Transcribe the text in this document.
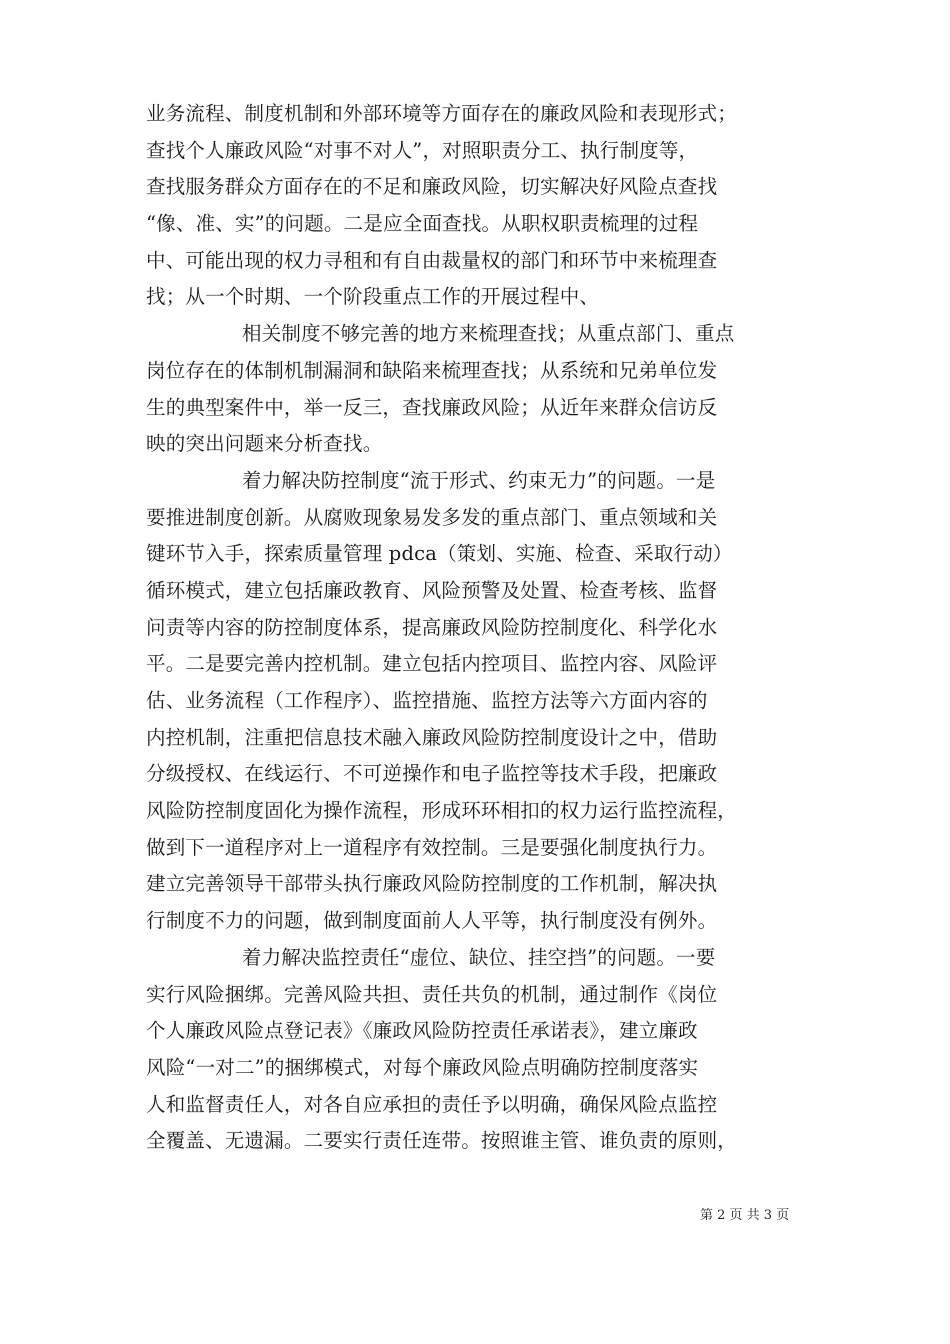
业务流程、制度机制和外部环境等方面存在的廉政风险和表现形式；
查找个人廉政风险“对事不对人”，对照职责分工、执行制度等，
查找服务群众方面存在的不足和廉政风险，切实解决好风险点查找
“像、准、实”的问题。二是应全面查找。从职权职责梳理的过程
中、可能出现的权力寻租和有自由裁量权的部门和环节中来梳理查
找；从一个时期、一个阶段重点工作的开展过程中、
相关制度不够完善的地方来梳理查找；从重点部门、重点
岗位存在的体制机制漏洞和缺陷来梳理查找；从系统和兄弟单位发
生的典型案件中，举一反三，查找廉政风险；从近年来群众信访反
映的突出问题来分析查找。
着力解决防控制度“流于形式、约束无力”的问题。一是
要推进制度创新。从腐败现象易发多发的重点部门、重点领域和关
键环节入手，探索质量管理 pdca（策划、实施、检查、采取行动）
循环模式，建立包括廉政教育、风险预警及处置、检查考核、监督
问责等内容的防控制度体系，提高廉政风险防控制度化、科学化水
平。二是要完善内控机制。建立包括内控项目、监控内容、风险评
估、业务流程（工作程序）、监控措施、监控方法等六方面内容的
内控机制，注重把信息技术融入廉政风险防控制度设计之中，借助
分级授权、在线运行、不可逆操作和电子监控等技术手段，把廉政
风险防控制度固化为操作流程，形成环环相扣的权力运行监控流程，
做到下一道程序对上一道程序有效控制。三是要强化制度执行力。
建立完善领导干部带头执行廉政风险防控制度的工作机制，解决执
行制度不力的问题，做到制度面前人人平等，执行制度没有例外。
着力解决监控责任“虚位、缺位、挂空挡”的问题。一要
实行风险捆绑。完善风险共担、责任共负的机制，通过制作《岗位
个人廉政风险点登记表》《廉政风险防控责任承诺表》，建立廉政
风险“一对二”的捆绑模式，对每个廉政风险点明确防控制度落实
人和监督责任人，对各自应承担的责任予以明确，确保风险点监控
全覆盖、无遗漏。二要实行责任连带。按照谁主管、谁负责的原则，
第 2 页 共 3 页
